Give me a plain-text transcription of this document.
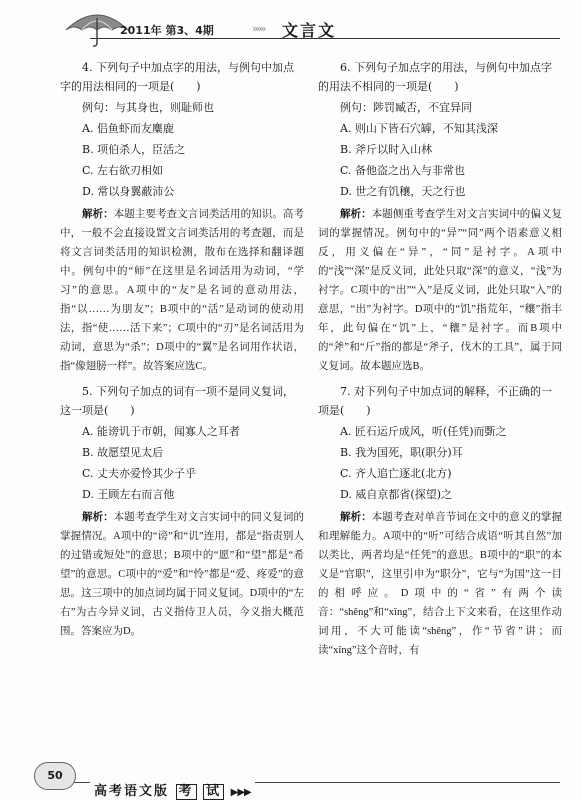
2011年 第3、4期	»»» 文言文

4. 下列句子中加点字的用法，与例句中加点字的用法相同的一项是(　　)

例句：与其身也，则耻师也

A. 侣鱼虾而友麋鹿

B. 项伯杀人，臣活之

C. 左右欲刃相如

D. 常以身翼蔽沛公

解析：本题主要考查文言词类活用的知识。高考中，一般不会直接设置文言词类活用的考查题，而是将文言词类活用的知识检测，散布在选择和翻译题中。例句中的“师”在这里是名词活用为动词，“学习”的意思。A项中的“友”是名词的意动用法，指“以……为朋友”；B项中的“活”是动词的使动用法，指“使……活下来”；C项中的“刃”是名词活用为动词，意思为“杀”；D项中的“翼”是名词用作状语，指“像翅膀一样”。故答案应选C。

5. 下列句子加点的词有一项不是同义复词，这一项是(　　)

A. 能谤讥于市朝，闻寡人之耳者

B. 故愿望见太后

C. 丈夫亦爱怜其少子乎

D. 王顾左右而言他

解析：本题考查学生对文言实词中的同义复词的掌握情况。A项中的“谤”和“讥”连用，都是“指责别人的过错或短处”的意思；B项中的“愿”和“望”都是“希望”的意思。C项中的“爱”和“怜”都是“爱、疼爱”的意思。这三项中的加点词均属于同义复词。D项中的“左右”为古今异义词，古义指侍卫人员，今义指大概范围。答案应为D。

6. 下列句子加点字的用法，与例句中加点字的用法不相同的一项是(　　)

例句：陟罚臧否，不宜异同

A. 则山下皆石穴罅，不知其浅深

B. 斧斤以时入山林

C. 备他盗之出入与非常也

D. 世之有饥穰，天之行也

解析：本题侧重考查学生对文言实词中的偏义复词的掌握情况。例句中的“异”“同”两个语素意义相反，用义偏在“异”，“同”是衬字。A项中的“浅”“深”是反义词，此处只取“深”的意义，“浅”为衬字。C项中的“出”“入”是反义词，此处只取“入”的意思，“出”为衬字。D项中的“饥”指荒年，“穰”指丰年，此句偏在“饥”上，“穰”是衬字。而B项中的“斧”和“斤”指的都是“斧子，伐木的工具”，属于同义复词。故本题应选B。

7. 对下列句子中加点词的解释，不正确的一项是(　　)

A. 匠石运斤成风，听(任凭)而斲之

B. 我为国死，职(职分)耳

C. 齐人追亡逐北(北方)

D. 威自京都省(探望)之

解析：本题考查对单音节词在文中的意义的掌握和理解能力。A项中的“听”可结合成语“听其自然”加以类比，两者均是“任凭”的意思。B项中的“职”的本义是“官职”，这里引申为“职分”，它与“为国”这一目的相呼应。D项中的“省”有两个读音：“shěng”和“xǐng”，结合上下文来看，在这里作动词用，不大可能读“shěng”，作“节省”讲；而读“xǐng”这个音时，有

50
高考语文版 考 试 ▶▶▶
